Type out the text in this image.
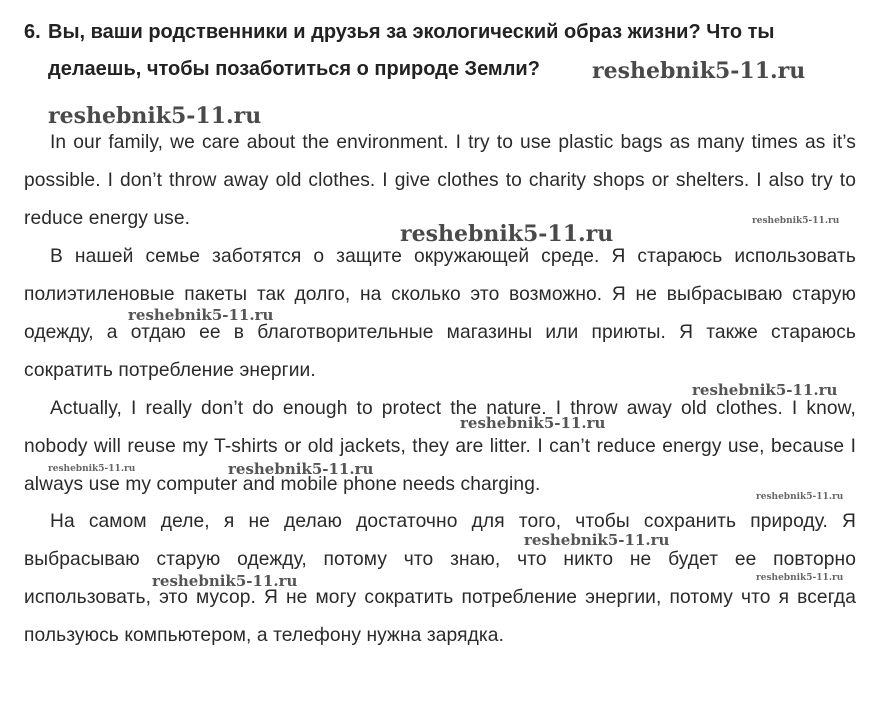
6. Вы, ваши родственники и друзья за экологический образ жизни? Что ты делаешь, чтобы позаботиться о природе Земли?

In our family, we care about the environment. I try to use plastic bags as many times as it’s possible. I don’t throw away old clothes. I give clothes to charity shops or shelters. I also try to reduce energy use.

В нашей семье заботятся о защите окружающей среде. Я стараюсь использовать полиэтиленовые пакеты так долго, на сколько это возможно. Я не выбрасываю старую одежду, а отдаю ее в благотворительные магазины или приюты. Я также стараюсь сократить потребление энергии.

Actually, I really don’t do enough to protect the nature. I throw away old clothes. I know, nobody will reuse my T-shirts or old jackets, they are litter. I can’t reduce energy use, because I always use my computer and mobile phone needs charging.

На самом деле, я не делаю достаточно для того, чтобы сохранить природу. Я выбрасываю старую одежду, потому что знаю, что никто не будет ее повторно использовать, это мусор. Я не могу сократить потребление энергии, потому что я всегда пользуюсь компьютером, а телефону нужна зарядка.

reshebnik5-11.ru
reshebnik5-11.ru
reshebnik5-11.ru
reshebnik5-11.ru
reshebnik5-11.ru
reshebnik5-11.ru
reshebnik5-11.ru
reshebnik5-11.ru	reshebnik5-11.ru
reshebnik5-11.ru
reshebnik5-11.ru
reshebnik5-11.ru	reshebnik5-11.ru
